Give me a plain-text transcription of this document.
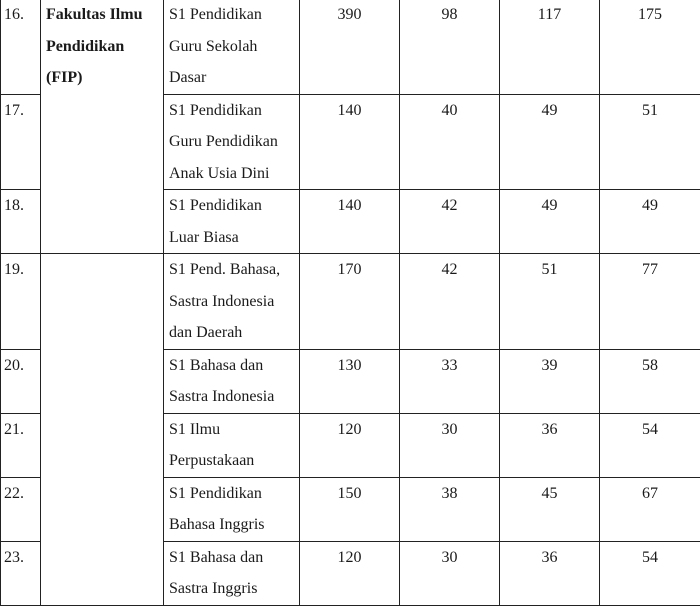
16.	Fakultas Ilmu
Pendidikan
(FIP)	S1 Pendidikan
Guru Sekolah
Dasar	390	98	117	175
17.		S1 Pendidikan
Guru Pendidikan
Anak Usia Dini	140	40	49	51
18.		S1 Pendidikan
Luar Biasa	140	42	49	49
19.		S1 Pend. Bahasa,
Sastra Indonesia
dan Daerah	170	42	51	77
20.		S1 Bahasa dan
Sastra Indonesia	130	33	39	58
21.		S1 Ilmu
Perpustakaan	120	30	36	54
22.		S1 Pendidikan
Bahasa Inggris	150	38	45	67
23.		S1 Bahasa dan
Sastra Inggris	120	30	36	54
